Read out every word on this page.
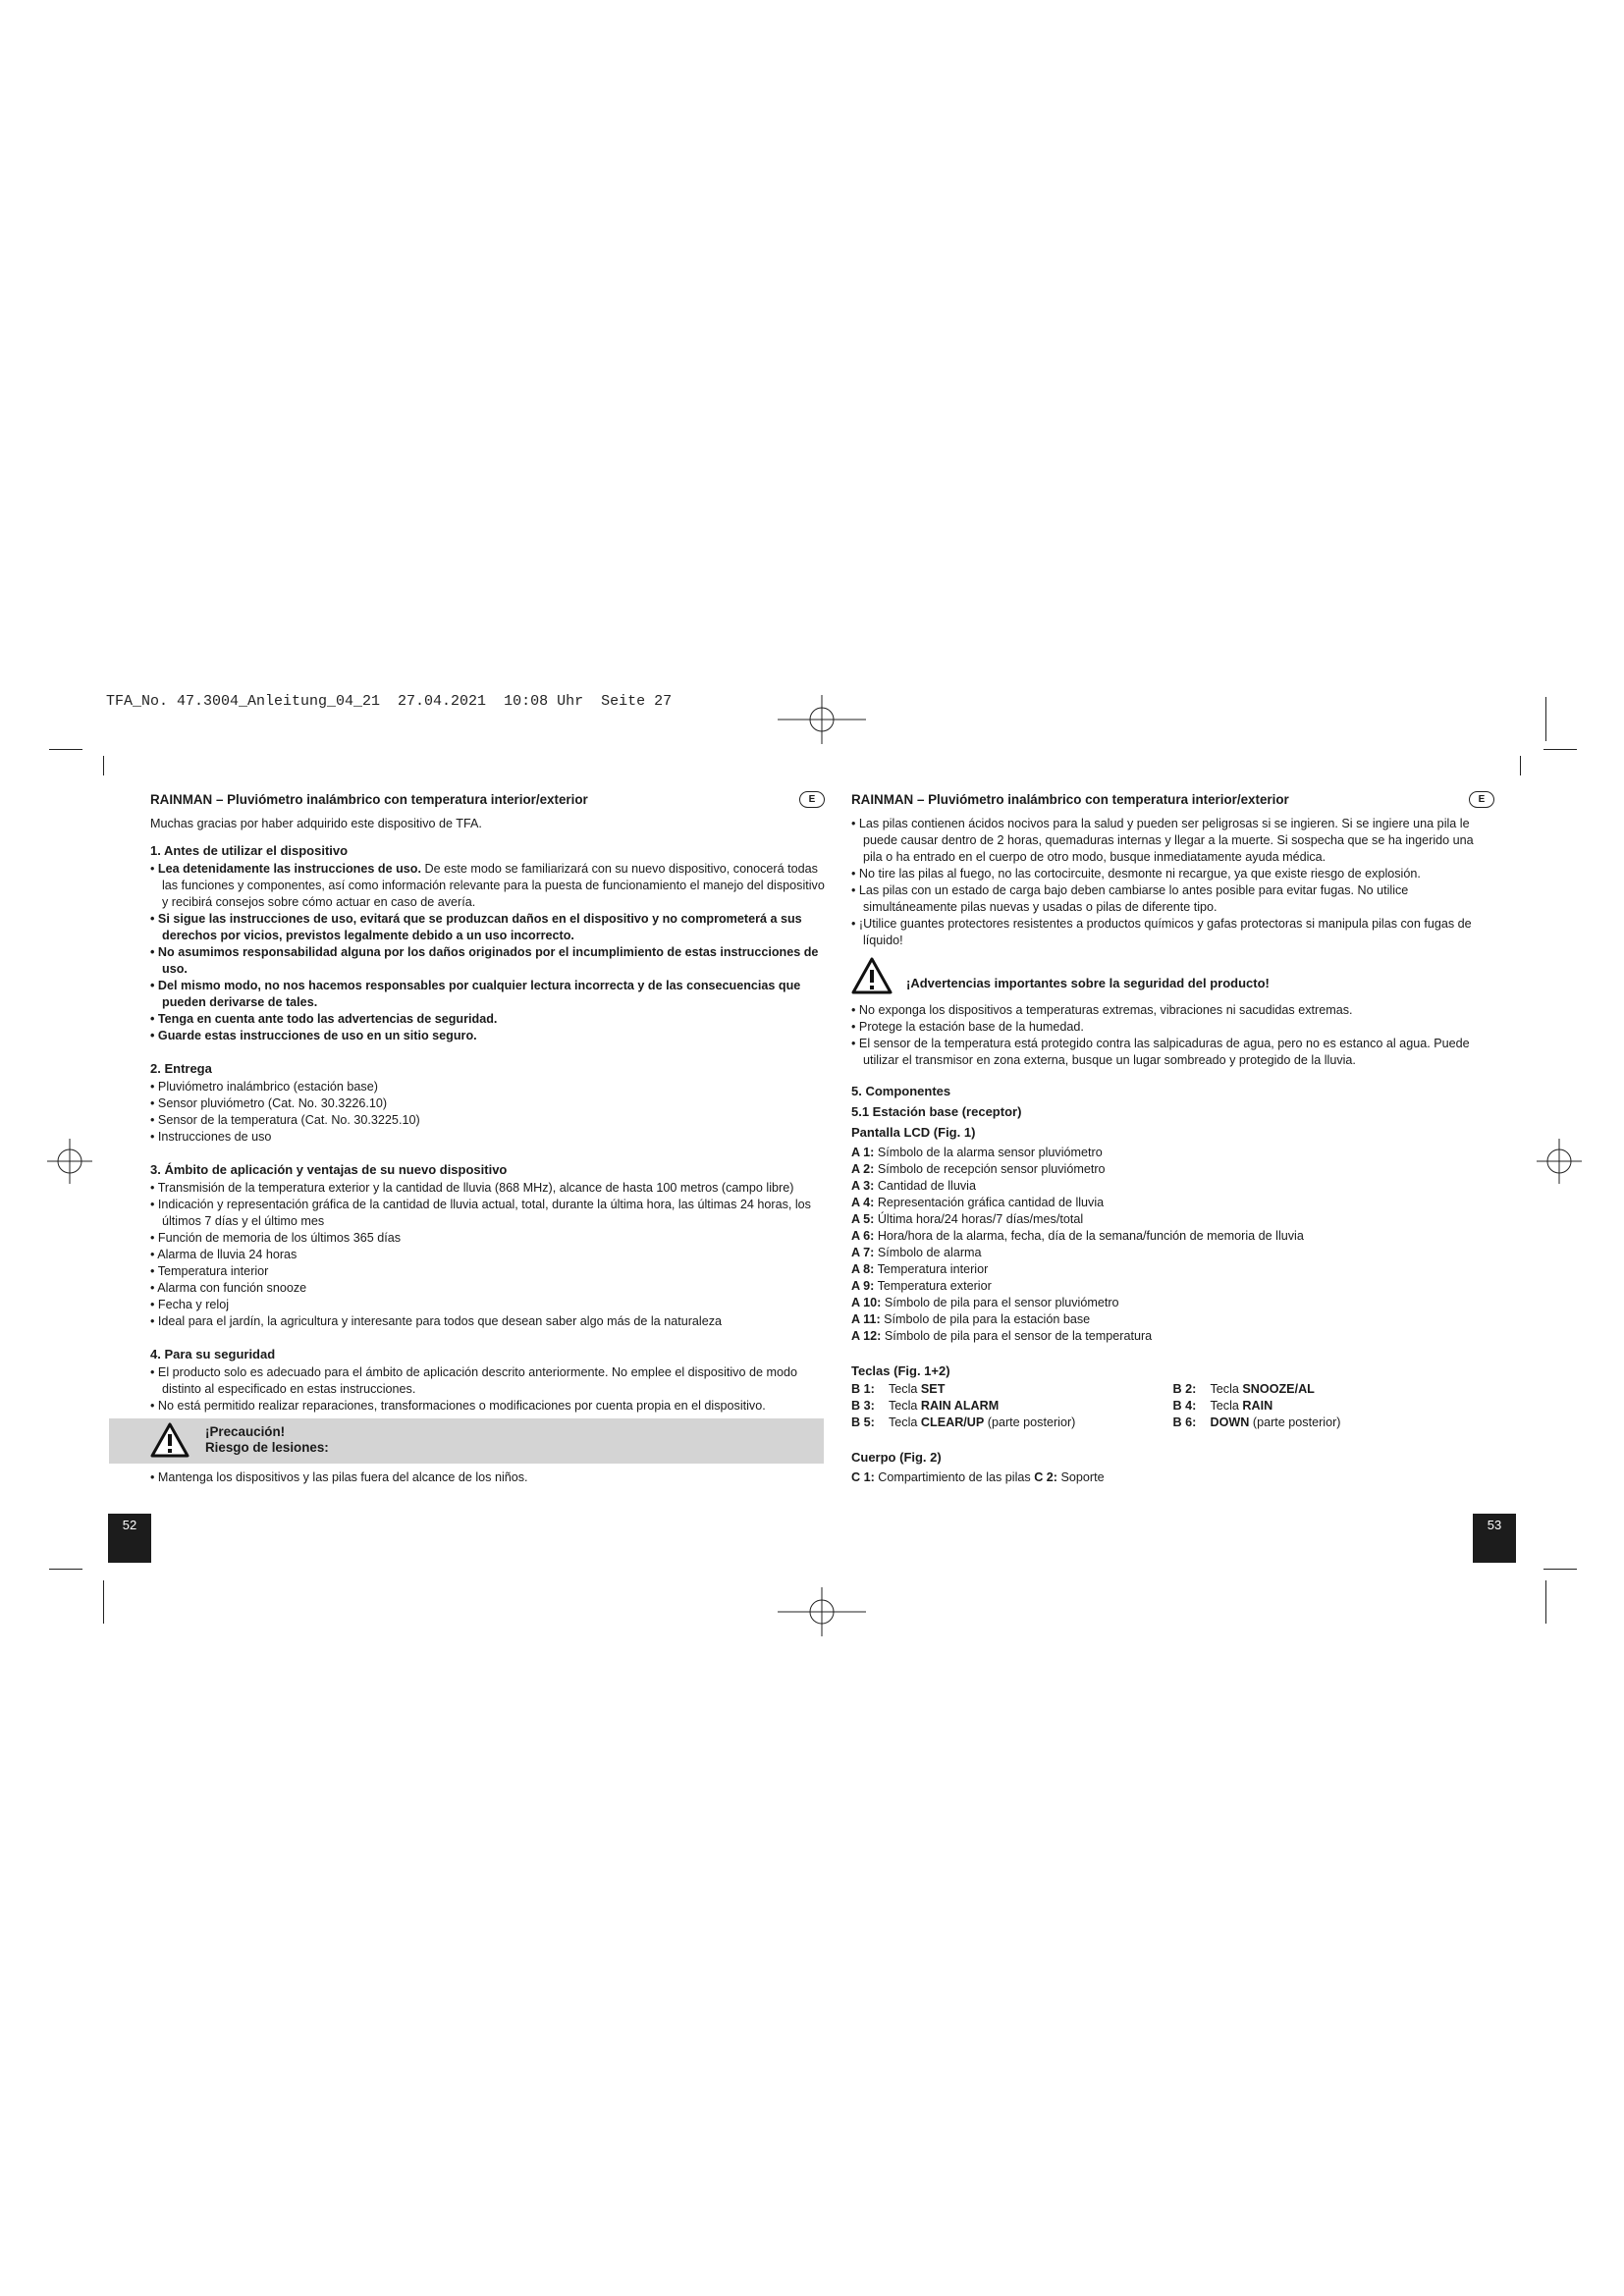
TFA_No. 47.3004_Anleitung_04_21  27.04.2021  10:08 Uhr  Seite 27
RAINMAN – Pluviómetro inalámbrico con temperatura interior/exterior	E

Muchas gracias por haber adquirido este dispositivo de TFA.

1. Antes de utilizar el dispositivo

• Lea detenidamente las instrucciones de uso. De este modo se familiarizará con su nuevo dispositivo, conocerá todas las funciones y componentes, así como información relevante para la puesta de funcionamiento el manejo del dispositivo y recibirá consejos sobre cómo actuar en caso de avería.

• Si sigue las instrucciones de uso, evitará que se produzcan daños en el dispositivo y no comprometerá a sus derechos por vicios, previstos legalmente debido a un uso incorrecto.

• No asumimos responsabilidad alguna por los daños originados por el incumplimiento de estas instrucciones de uso.

• Del mismo modo, no nos hacemos responsables por cualquier lectura incorrecta y de las consecuencias que pueden derivarse de tales.

• Tenga en cuenta ante todo las advertencias de seguridad.

• Guarde estas instrucciones de uso en un sitio seguro.

2. Entrega

• Pluviómetro inalámbrico (estación base)

• Sensor pluviómetro (Cat. No. 30.3226.10)

• Sensor de la temperatura (Cat. No. 30.3225.10)

• Instrucciones de uso

3. Ámbito de aplicación y ventajas de su nuevo dispositivo

• Transmisión de la temperatura exterior y la cantidad de lluvia (868 MHz), alcance de hasta 100 metros (campo libre)

• Indicación y representación gráfica de la cantidad de lluvia actual, total, durante la última hora, las últimas 24 horas, los últimos 7 días y el último mes

• Función de memoria de los últimos 365 días

• Alarma de lluvia 24 horas

• Temperatura interior

• Alarma con función snooze

• Fecha y reloj

• Ideal para el jardín, la agricultura y interesante para todos que desean saber algo más de la naturaleza

4. Para su seguridad

• El producto solo es adecuado para el ámbito de aplicación descrito anteriormente. No emplee el dispositivo de modo distinto al especificado en estas instrucciones.

• No está permitido realizar reparaciones, transformaciones o modificaciones por cuenta propia en el dispositivo.

¡Precaución!
Riesgo de lesiones:

• Mantenga los dispositivos y las pilas fuera del alcance de los niños.

52
RAINMAN – Pluviómetro inalámbrico con temperatura interior/exterior	E

• Las pilas contienen ácidos nocivos para la salud y pueden ser peligrosas si se ingieren. Si se ingiere una pila le puede causar dentro de 2 horas, quemaduras internas y llegar a la muerte. Si sospecha que se ha ingerido una pila o ha entrado en el cuerpo de otro modo, busque inmediatamente ayuda médica.

• No tire las pilas al fuego, no las cortocircuite, desmonte ni recargue, ya que existe riesgo de explosión.

• Las pilas con un estado de carga bajo deben cambiarse lo antes posible para evitar fugas. No utilice simultáneamente pilas nuevas y usadas o pilas de diferente tipo.

• ¡Utilice guantes protectores resistentes a productos químicos y gafas protectoras si manipula pilas con fugas de líquido!

¡Advertencias importantes sobre la seguridad del producto!

• No exponga los dispositivos a temperaturas extremas, vibraciones ni sacudidas extremas.

• Protege la estación base de la humedad.

• El sensor de la temperatura está protegido contra las salpicaduras de agua, pero no es estanco al agua. Puede utilizar el transmisor en zona externa, busque un lugar sombreado y protegido de la lluvia.

5. Componentes
5.1 Estación base (receptor)
Pantalla LCD (Fig. 1)

A 1: Símbolo de la alarma sensor pluviómetro

A 2: Símbolo de recepción sensor pluviómetro

A 3: Cantidad de lluvia

A 4: Representación gráfica cantidad de lluvia

A 5: Última hora/24 horas/7 días/mes/total

A 6: Hora/hora de la alarma, fecha, día de la semana/función de memoria de lluvia

A 7: Símbolo de alarma

A 8: Temperatura interior

A 9: Temperatura exterior

A 10: Símbolo de pila para el sensor pluviómetro

A 11: Símbolo de pila para la estación base

A 12: Símbolo de pila para el sensor de la temperatura

Teclas (Fig. 1+2)

B 1: Tecla SET

B 3: Tecla RAIN ALARM

B 5: Tecla CLEAR/UP (parte posterior)

B 2: Tecla SNOOZE/AL

B 4: Tecla RAIN

B 6: DOWN (parte posterior)

Cuerpo (Fig. 2)

C 1: Compartimiento de las pilas C 2: Soporte

53
